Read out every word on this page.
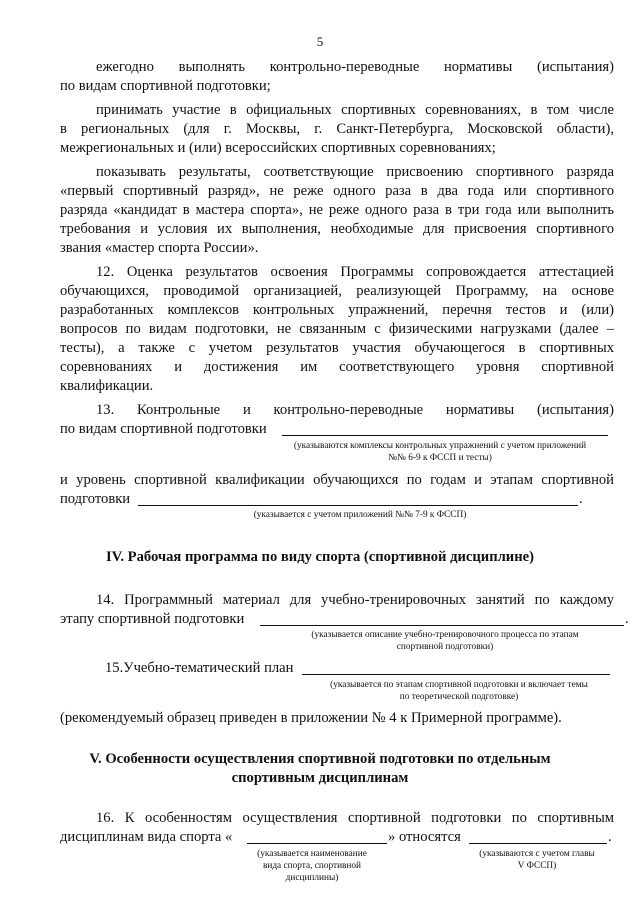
5
ежегодно выполнять контрольно-переводные нормативы (испытания)
по видам спортивной подготовки;
принимать участие в официальных спортивных соревнованиях, в том числе
в региональных (для г. Москвы, г. Санкт-Петербурга, Московской области),
межрегиональных и (или) всероссийских спортивных соревнованиях;
показывать результаты, соответствующие присвоению спортивного разряда
«первый спортивный разряд», не реже одного раза в два года или спортивного
разряда «кандидат в мастера спорта», не реже одного раза в три года или выполнить
требования и условия их выполнения, необходимые для присвоения спортивного
звания «мастер спорта России».
12. Оценка результатов освоения Программы сопровождается аттестацией
обучающихся, проводимой организацией, реализующей Программу, на основе
разработанных комплексов контрольных упражнений, перечня тестов и (или)
вопросов по видам подготовки, не связанным с физическими нагрузками (далее –
тесты), а также с учетом результатов участия обучающегося в спортивных
соревнованиях и достижения им соответствующего уровня спортивной
квалификации.
13. Контрольные и контрольно-переводные нормативы (испытания)
по видам спортивной подготовки
(указываются комплексы контрольных упражнений с учетом приложений
№№ 6-9 к ФССП и тесты)
и уровень спортивной квалификации обучающихся по годам и этапам спортивной
подготовки	.
(указывается с учетом приложений №№ 7-9 к ФССП)
IV. Рабочая программа по виду спорта (спортивной дисциплине)
14. Программный материал для учебно-тренировочных занятий по каждому
этапу спортивной подготовки	.
(указывается описание учебно-тренировочного процесса по этапам
спортивной подготовки)
15.Учебно-тематический план
(указывается по этапам спортивной подготовки и включает темы
по теоретической подготовке)
(рекомендуемый образец приведен в приложении № 4 к Примерной программе).
V. Особенности осуществления спортивной подготовки по отдельным
спортивным дисциплинам
16. К особенностям осуществления спортивной подготовки по спортивным
дисциплинам вида спорта «	» относятся	.
(указывается наименование
вида спорта, спортивной
дисциплины)
(указываются с учетом главы
V ФССП)
